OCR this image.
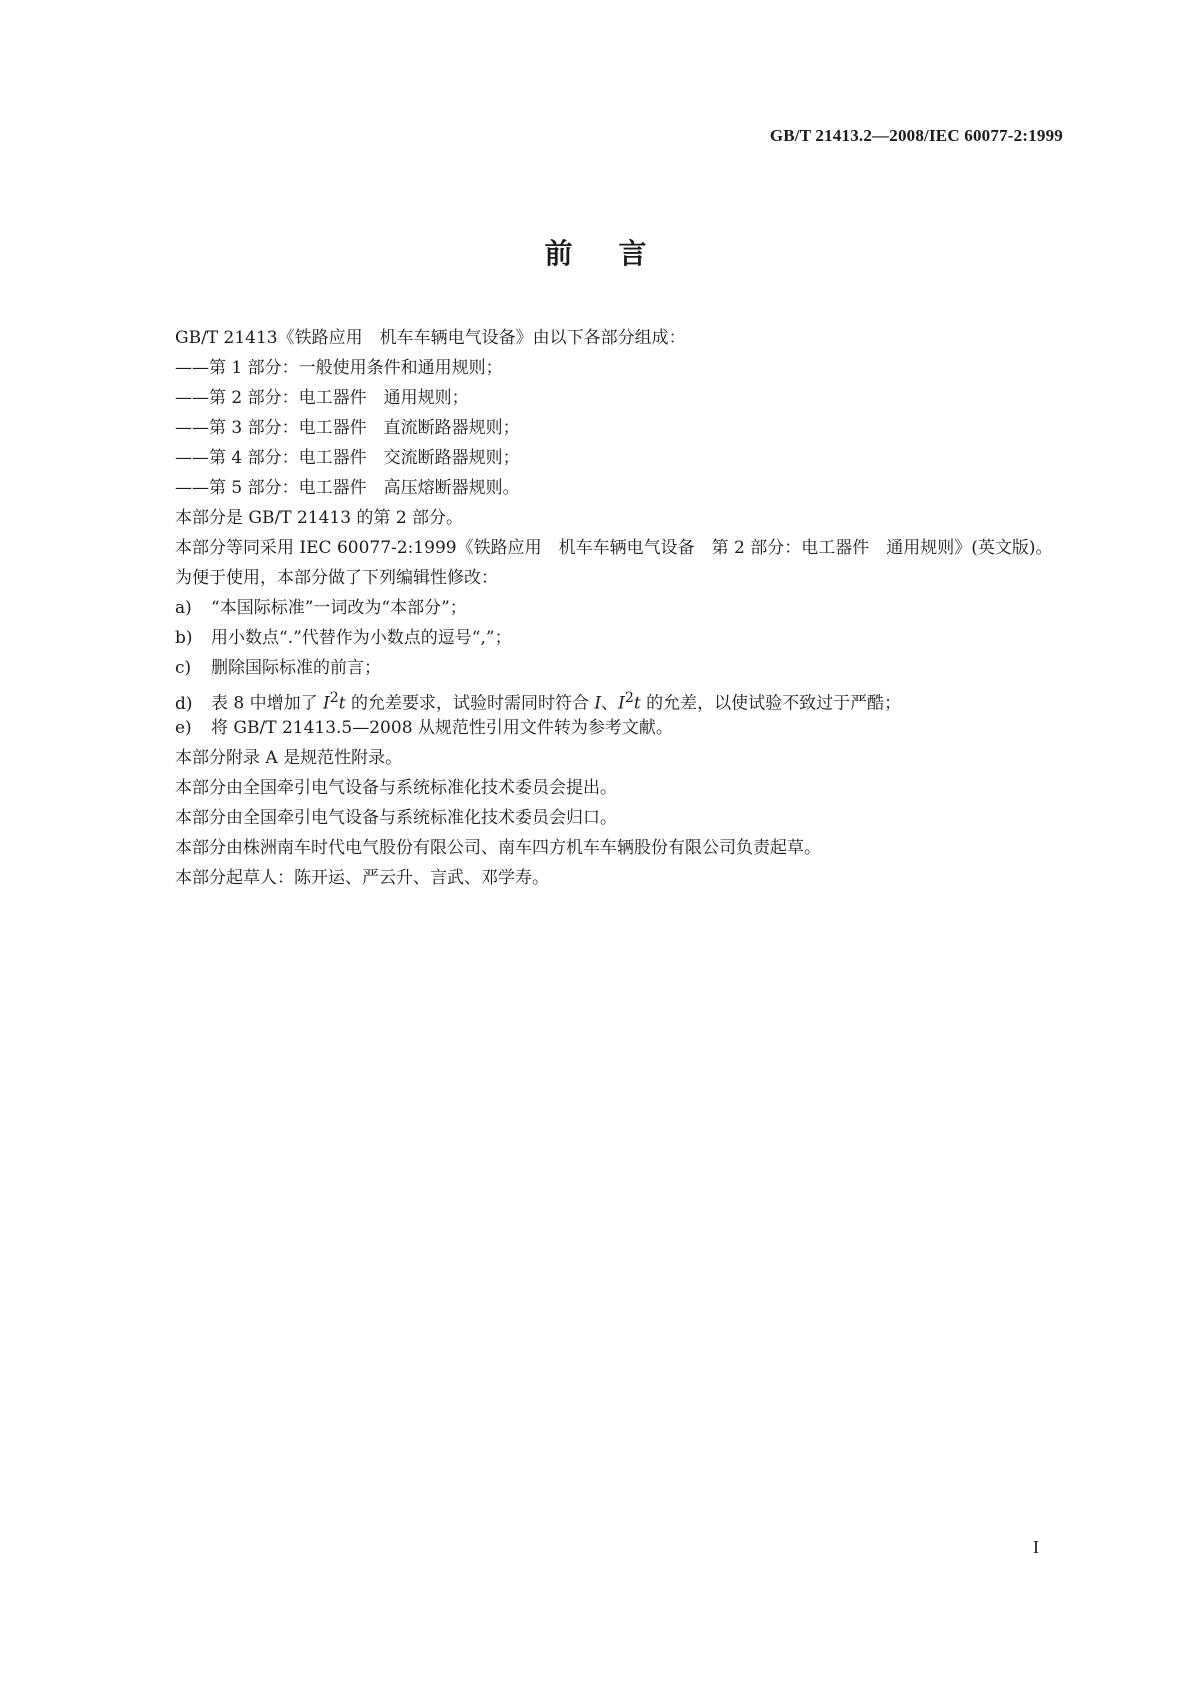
GB/T 21413.2—2008/IEC 60077-2:1999
前 言
GB/T 21413《铁路应用　机车车辆电气设备》由以下各部分组成：
——第 1 部分：一般使用条件和通用规则；
——第 2 部分：电工器件　通用规则；
——第 3 部分：电工器件　直流断路器规则；
——第 4 部分：电工器件　交流断路器规则；
——第 5 部分：电工器件　高压熔断器规则。
本部分是 GB/T 21413 的第 2 部分。
本部分等同采用 IEC 60077-2:1999《铁路应用　机车车辆电气设备　第 2 部分：电工器件　通用规则》(英文版)。
为便于使用，本部分做了下列编辑性修改：
a) “本国际标准”一词改为“本部分”；
b) 用小数点“.”代替作为小数点的逗号“,”；
c) 删除国际标准的前言；
d) 表 8 中增加了 $I^2t$ 的允差要求，试验时需同时符合 I、$I^2t$ 的允差，以使试验不致过于严酷；
e) 将 GB/T 21413.5—2008 从规范性引用文件转为参考文献。
本部分附录 A 是规范性附录。
本部分由全国牵引电气设备与系统标准化技术委员会提出。
本部分由全国牵引电气设备与系统标准化技术委员会归口。
本部分由株洲南车时代电气股份有限公司、南车四方机车车辆股份有限公司负责起草。
本部分起草人：陈开运、严云升、言武、邓学寿。
I
